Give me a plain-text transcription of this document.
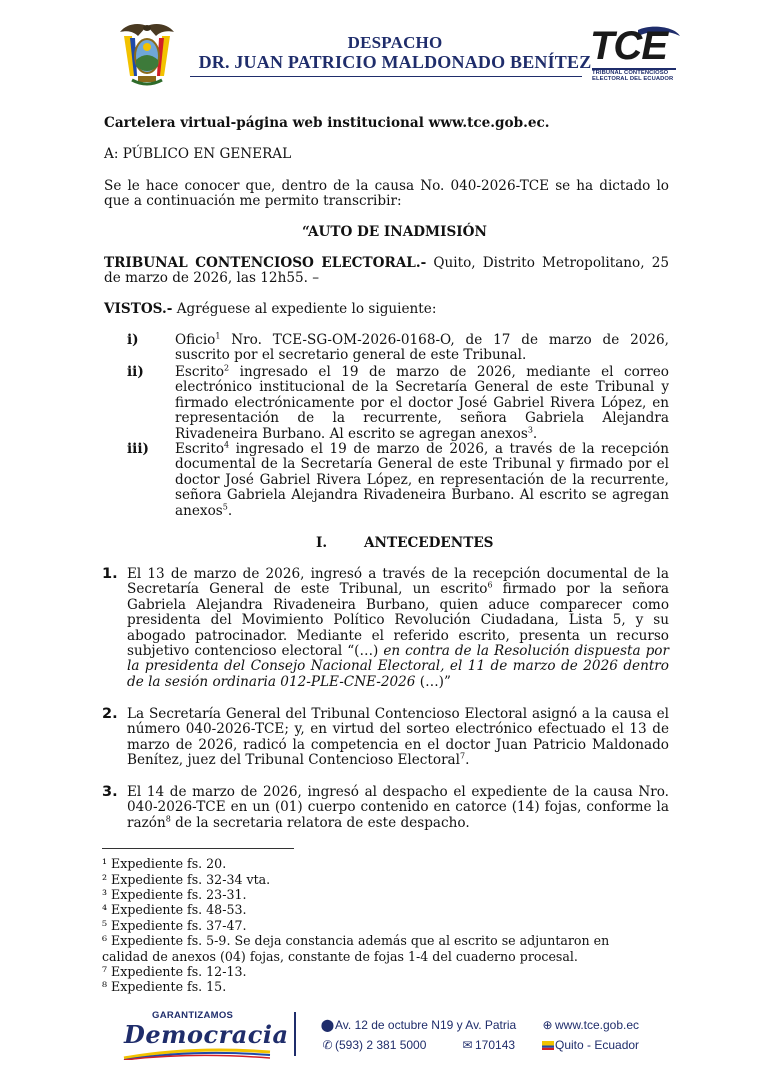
DESPACHO
DR. JUAN PATRICIO MALDONADO BENÍTEZ
TCE
TRIBUNAL CONTENCIOSO
ELECTORAL DEL ECUADOR
Cartelera virtual-página web institucional www.tce.gob.ec.
A: PÚBLICO EN GENERAL
Se le hace conocer que, dentro de la causa No. 040-2026-TCE se ha dictado lo que a continuación me permito transcribir:
“AUTO DE INADMISIÓN
TRIBUNAL CONTENCIOSO ELECTORAL.- Quito, Distrito Metropolitano, 25 de marzo de 2026, las 12h55. –
VISTOS.- Agréguese al expediente lo siguiente:
i)	Oficio$^1$ Nro. TCE-SG-OM-2026-0168-O, de 17 de marzo de 2026, suscrito por el secretario general de este Tribunal.
ii)	Escrito$^2$ ingresado el 19 de marzo de 2026, mediante el correo electrónico institucional de la Secretaría General de este Tribunal y firmado electrónicamente por el doctor José Gabriel Rivera López, en representación de la recurrente, señora Gabriela Alejandra Rivadeneira Burbano. Al escrito se agregan anexos$^3$.
iii)	Escrito$^4$ ingresado el 19 de marzo de 2026, a través de la recepción documental de la Secretaría General de este Tribunal y firmado por el doctor José Gabriel Rivera López, en representación de la recurrente, señora Gabriela Alejandra Rivadeneira Burbano. Al escrito se agregan anexos$^5$.
I.	ANTECEDENTES
1. El 13 de marzo de 2026, ingresó a través de la recepción documental de la Secretaría General de este Tribunal, un escrito$^6$ firmado por la señora Gabriela Alejandra Rivadeneira Burbano, quien aduce comparecer como presidenta del Movimiento Político Revolución Ciudadana, Lista 5, y su abogado patrocinador. Mediante el referido escrito, presenta un recurso subjetivo contencioso electoral “(…) en contra de la Resolución dispuesta por la presidenta del Consejo Nacional Electoral, el 11 de marzo de 2026 dentro de la sesión ordinaria 012-PLE-CNE-2026 (…)”
2. La Secretaría General del Tribunal Contencioso Electoral asignó a la causa el número 040-2026-TCE; y, en virtud del sorteo electrónico efectuado el 13 de marzo de 2026, radicó la competencia en el doctor Juan Patricio Maldonado Benítez, juez del Tribunal Contencioso Electoral$^7$.
3. El 14 de marzo de 2026, ingresó al despacho el expediente de la causa Nro. 040-2026-TCE en un (01) cuerpo contenido en catorce (14) fojas, conforme la razón$^8$ de la secretaria relatora de este despacho.
¹ Expediente fs. 20.
² Expediente fs. 32-34 vta.
³ Expediente fs. 23-31.
⁴ Expediente fs. 48-53.
⁵ Expediente fs. 37-47.
⁶ Expediente fs. 5-9. Se deja constancia además que al escrito se adjuntaron en
calidad de anexos (04) fojas, constante de fojas 1-4 del cuaderno procesal.
⁷ Expediente fs. 12-13.
⁸ Expediente fs. 15.
GARANTIZAMOS
Democracia	⬤Av. 12 de octubre N19 y Av. Patria ⊕ www.tce.gob.ec
✆ (593) 2 381 5000	✉ 170143	Quito - Ecuador
